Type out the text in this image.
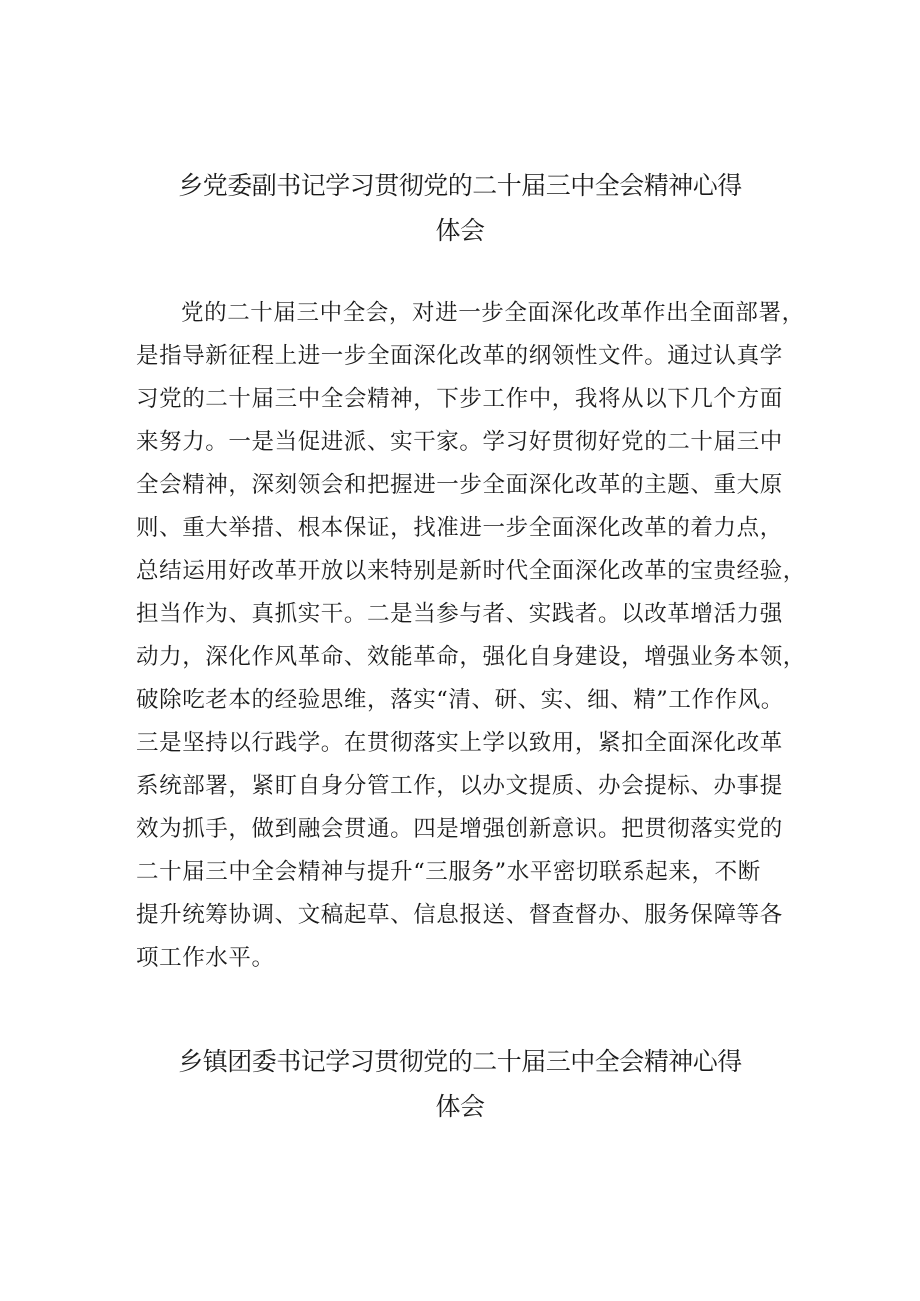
乡党委副书记学习贯彻党的二十届三中全会精神心得
体会
党的二十届三中全会，对进一步全面深化改革作出全面部署，
是指导新征程上进一步全面深化改革的纲领性文件。通过认真学
习党的二十届三中全会精神，下步工作中，我将从以下几个方面
来努力。一是当促进派、实干家。学习好贯彻好党的二十届三中
全会精神，深刻领会和把握进一步全面深化改革的主题、重大原
则、重大举措、根本保证，找准进一步全面深化改革的着力点，
总结运用好改革开放以来特别是新时代全面深化改革的宝贵经验，
担当作为、真抓实干。二是当参与者、实践者。以改革增活力强
动力，深化作风革命、效能革命，强化自身建设，增强业务本领，
破除吃老本的经验思维，落实“清、研、实、细、精”工作作风。
三是坚持以行践学。在贯彻落实上学以致用，紧扣全面深化改革
系统部署，紧盯自身分管工作，以办文提质、办会提标、办事提
效为抓手，做到融会贯通。四是增强创新意识。把贯彻落实党的
二十届三中全会精神与提升“三服务”水平密切联系起来，不断
提升统筹协调、文稿起草、信息报送、督查督办、服务保障等各
项工作水平。
乡镇团委书记学习贯彻党的二十届三中全会精神心得
体会
